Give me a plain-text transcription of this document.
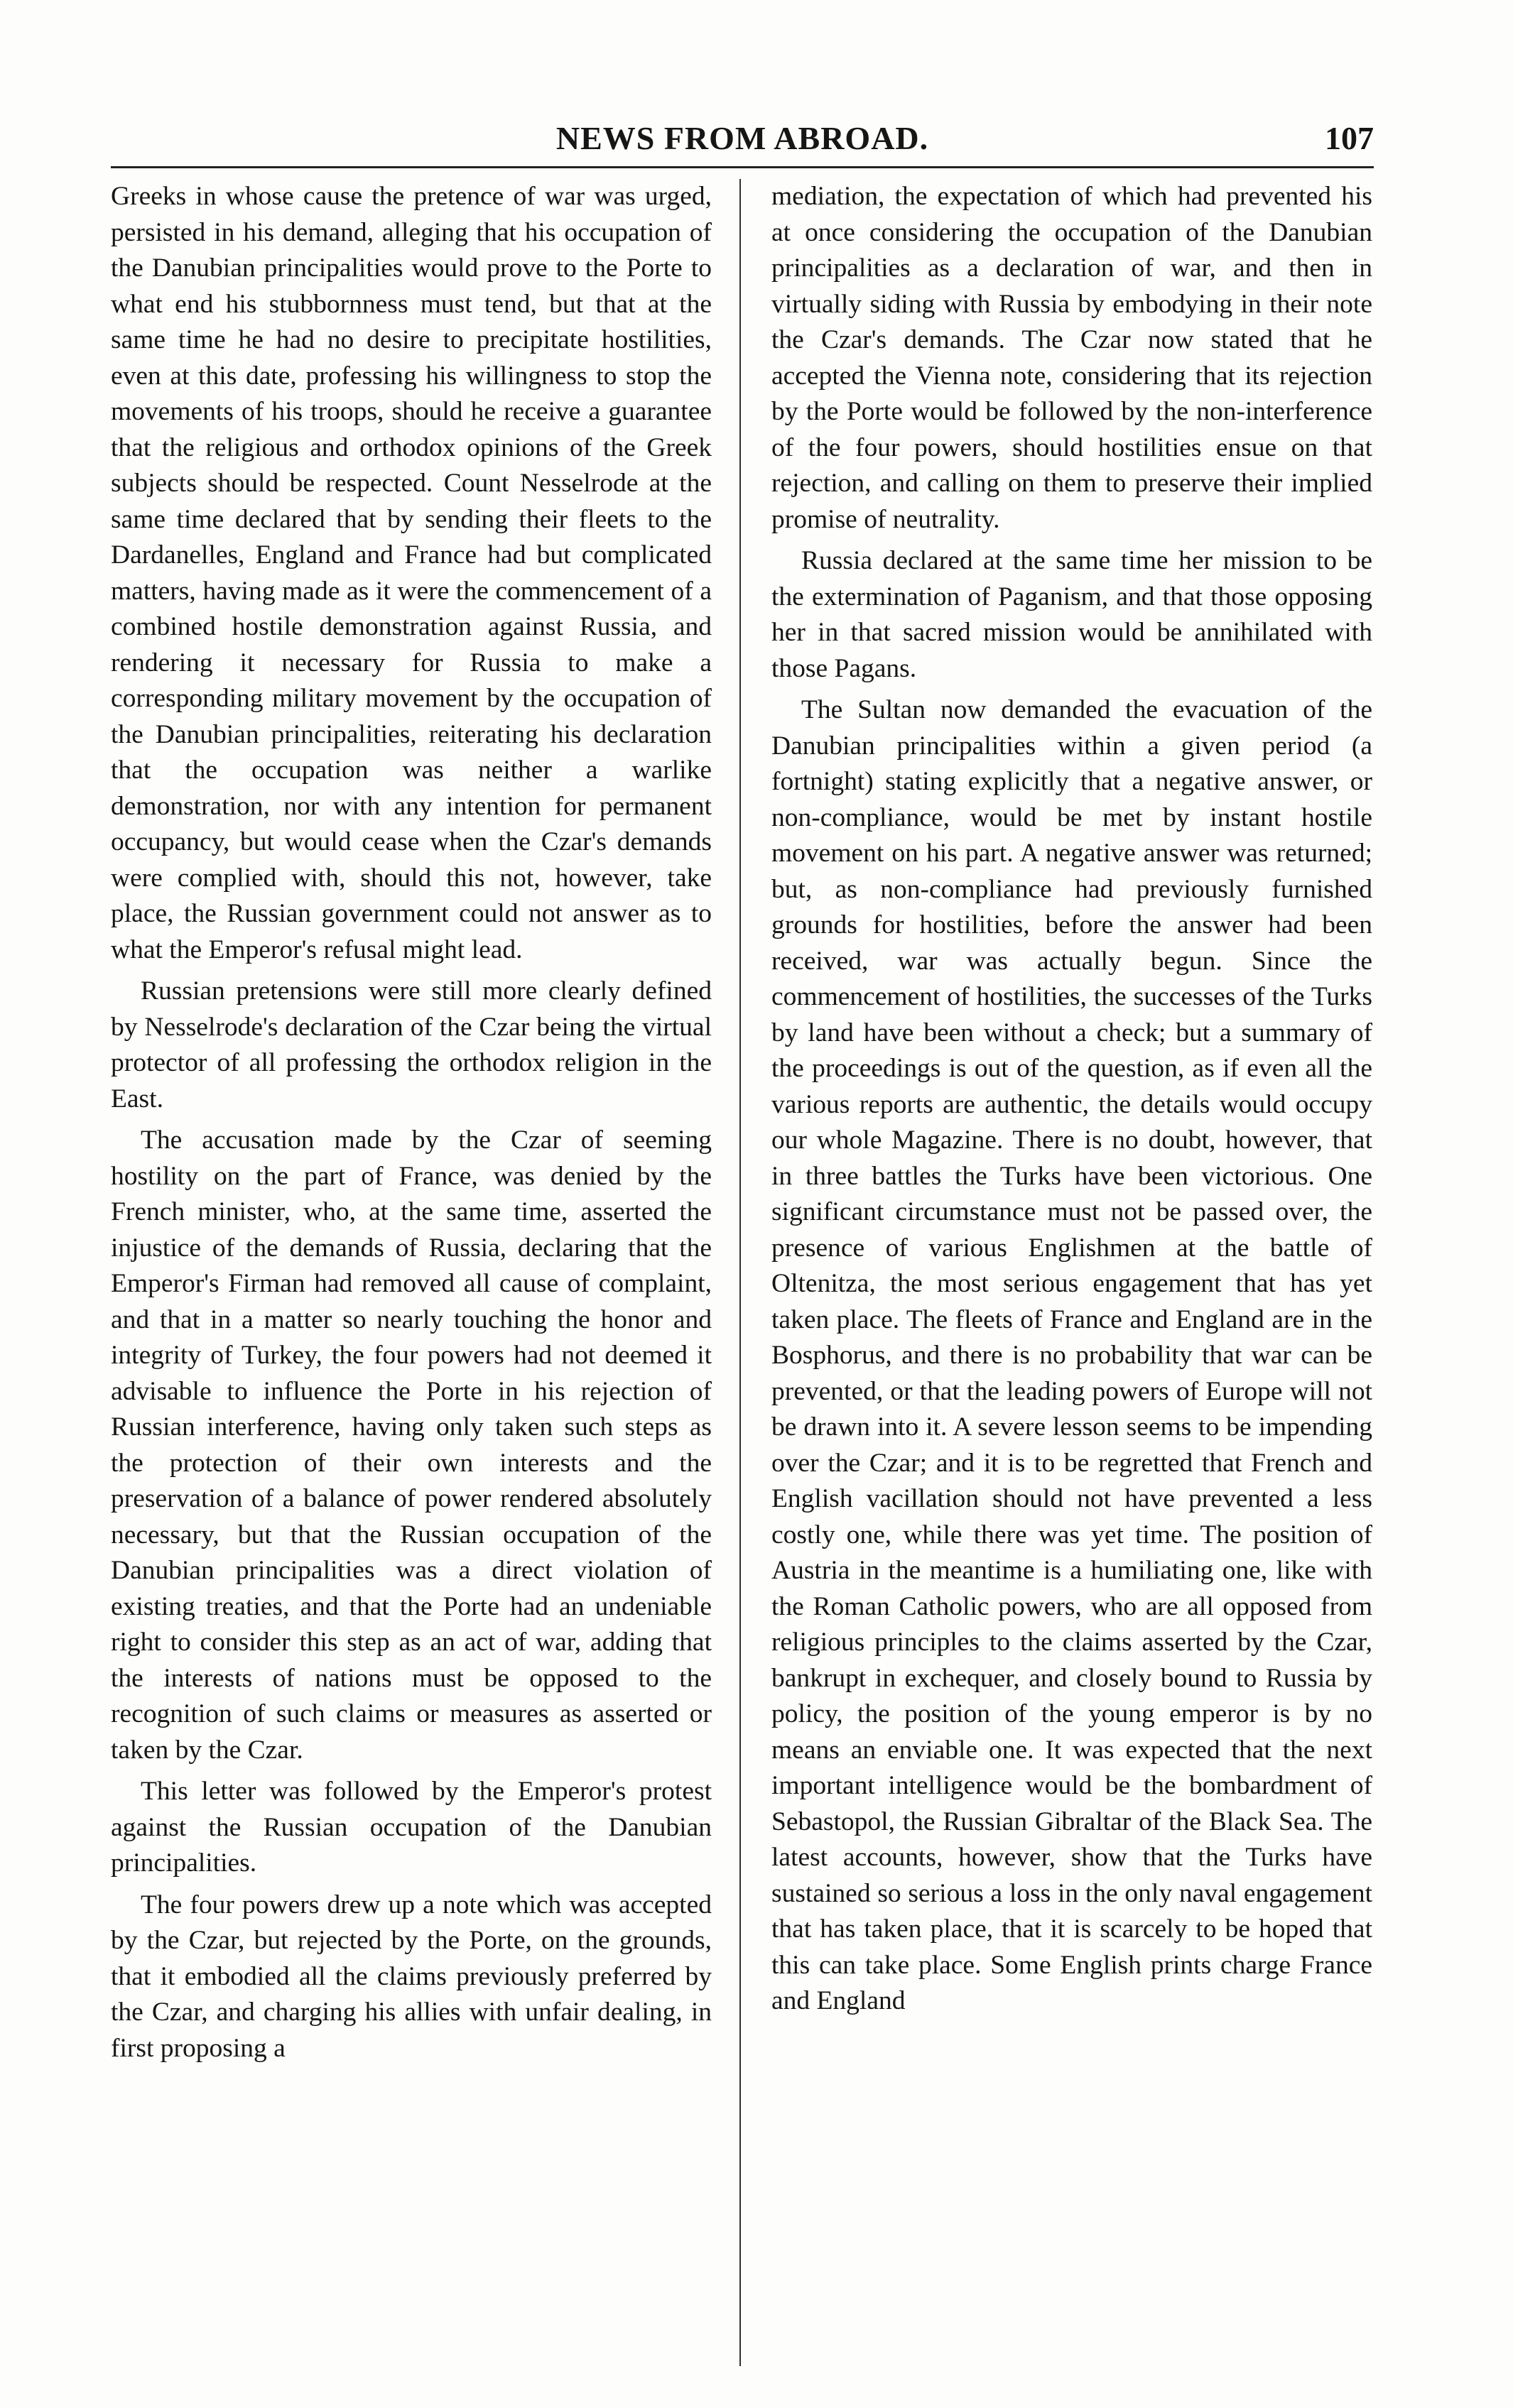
NEWS FROM ABROAD.	107

Greeks in whose cause the pretence of war was urged, persisted in his demand, alleging that his occupation of the Danubian principalities would prove to the Porte to what end his stubbornness must tend, but that at the same time he had no desire to precipitate hostilities, even at this date, professing his willingness to stop the movements of his troops, should he receive a guarantee that the religious and orthodox opinions of the Greek subjects should be respected. Count Nesselrode at the same time declared that by sending their fleets to the Dardanelles, England and France had but complicated matters, having made as it were the commencement of a combined hostile demonstration against Russia, and rendering it necessary for Russia to make a corresponding military movement by the occupation of the Danubian principalities, reiterating his declaration that the occupation was neither a warlike demonstration, nor with any intention for permanent occupancy, but would cease when the Czar's demands were complied with, should this not, however, take place, the Russian government could not answer as to what the Emperor's refusal might lead.

Russian pretensions were still more clearly defined by Nesselrode's declaration of the Czar being the virtual protector of all professing the orthodox religion in the East.

The accusation made by the Czar of seeming hostility on the part of France, was denied by the French minister, who, at the same time, asserted the injustice of the demands of Russia, declaring that the Emperor's Firman had removed all cause of complaint, and that in a matter so nearly touching the honor and integrity of Turkey, the four powers had not deemed it advisable to influence the Porte in his rejection of Russian interference, having only taken such steps as the protection of their own interests and the preservation of a balance of power rendered absolutely necessary, but that the Russian occupation of the Danubian principalities was a direct violation of existing treaties, and that the Porte had an undeniable right to consider this step as an act of war, adding that the interests of nations must be opposed to the recognition of such claims or measures as asserted or taken by the Czar.

This letter was followed by the Emperor's protest against the Russian occupation of the Danubian principalities.

The four powers drew up a note which was accepted by the Czar, but rejected by the Porte, on the grounds, that it embodied all the claims previously preferred by the Czar, and charging his allies with unfair dealing, in first proposing a

mediation, the expectation of which had prevented his at once considering the occupation of the Danubian principalities as a declaration of war, and then in virtually siding with Russia by embodying in their note the Czar's demands. The Czar now stated that he accepted the Vienna note, considering that its rejection by the Porte would be followed by the non-interference of the four powers, should hostilities ensue on that rejection, and calling on them to preserve their implied promise of neutrality.

Russia declared at the same time her mission to be the extermination of Paganism, and that those opposing her in that sacred mission would be annihilated with those Pagans.

The Sultan now demanded the evacuation of the Danubian principalities within a given period (a fortnight) stating explicitly that a negative answer, or non-compliance, would be met by instant hostile movement on his part. A negative answer was returned; but, as non-compliance had previously furnished grounds for hostilities, before the answer had been received, war was actually begun. Since the commencement of hostilities, the successes of the Turks by land have been without a check; but a summary of the proceedings is out of the question, as if even all the various reports are authentic, the details would occupy our whole Magazine. There is no doubt, however, that in three battles the Turks have been victorious. One significant circumstance must not be passed over, the presence of various Englishmen at the battle of Oltenitza, the most serious engagement that has yet taken place. The fleets of France and England are in the Bosphorus, and there is no probability that war can be prevented, or that the leading powers of Europe will not be drawn into it. A severe lesson seems to be impending over the Czar; and it is to be regretted that French and English vacillation should not have prevented a less costly one, while there was yet time. The position of Austria in the meantime is a humiliating one, like with the Roman Catholic powers, who are all opposed from religious principles to the claims asserted by the Czar, bankrupt in exchequer, and closely bound to Russia by policy, the position of the young emperor is by no means an enviable one. It was expected that the next important intelligence would be the bombardment of Sebastopol, the Russian Gibraltar of the Black Sea. The latest accounts, however, show that the Turks have sustained so serious a loss in the only naval engagement that has taken place, that it is scarcely to be hoped that this can take place. Some English prints charge France and England
